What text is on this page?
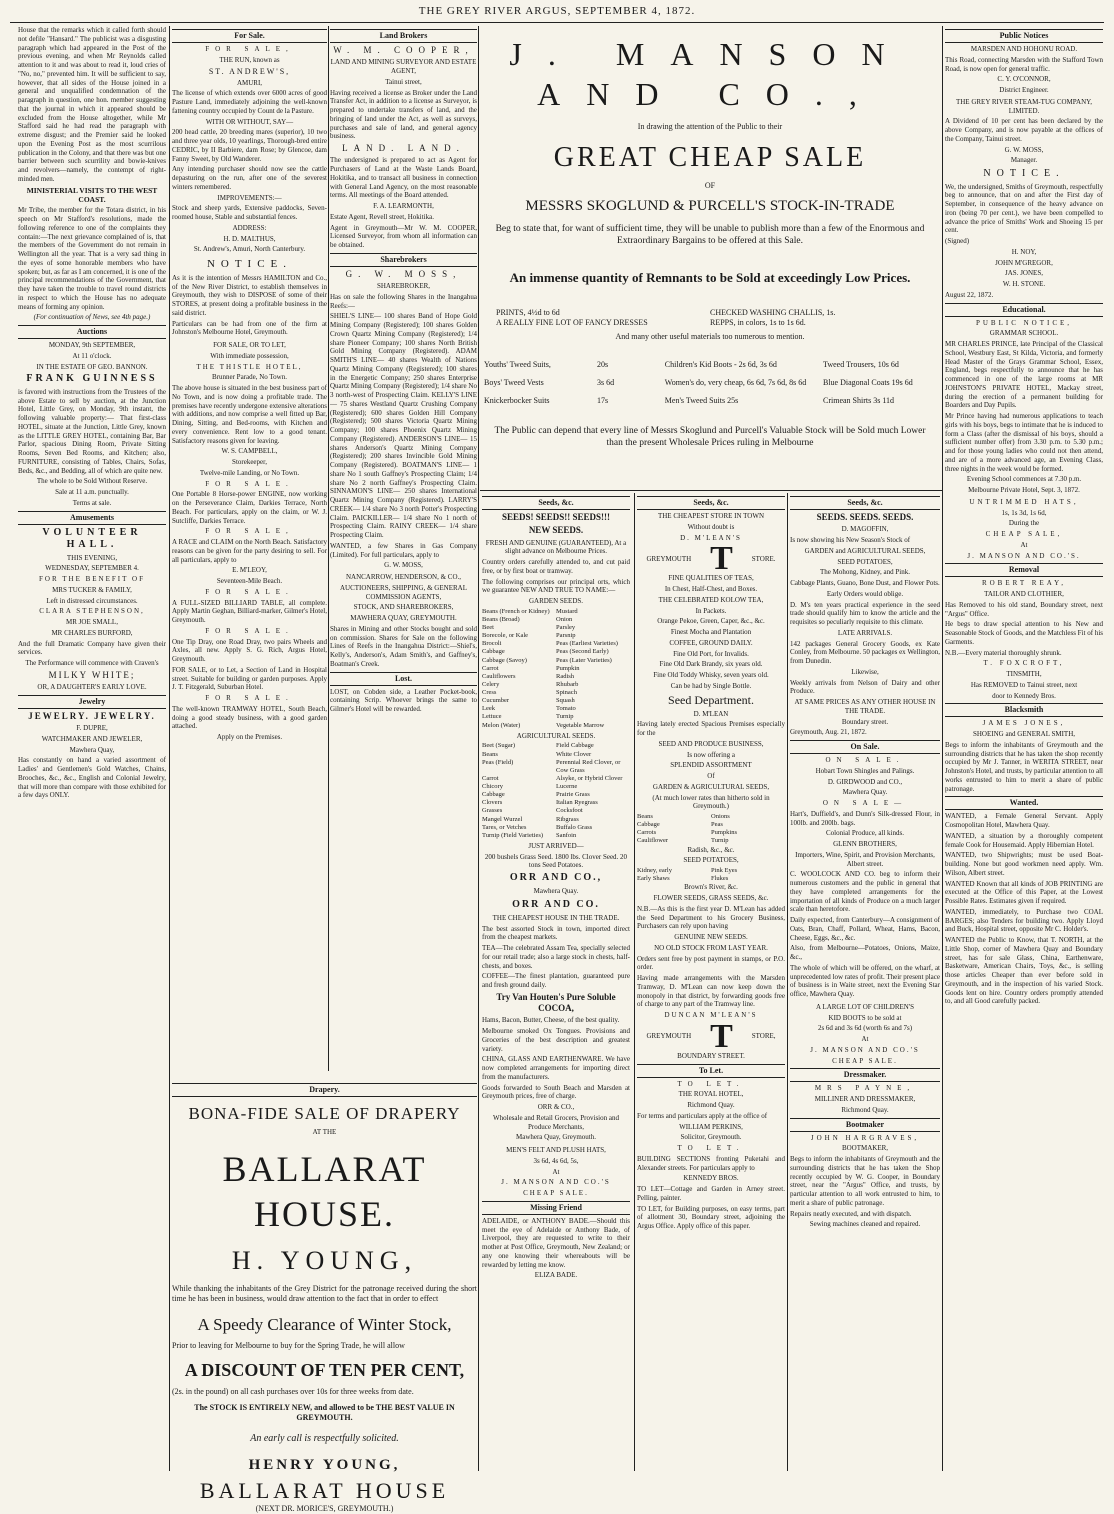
THE GREY RIVER ARGUS, SEPTEMBER 4, 1872.

House that the remarks which it called forth should not defile "Hansard." The publicist was a disgusting paragraph which had appeared in the Post of the previous evening, and when Mr Reynolds called attention to it and was about to read it, loud cries of "No, no," prevented him. It will be sufficient to say, however, that all sides of the House joined in a general and unqualified condemnation of the paragraph in question, one hon. member suggesting that the journal in which it appeared should be excluded from the House altogether, while Mr Stafford said he had read the paragraph with extreme disgust; and the Premier said he looked upon the Evening Post as the most scurrilous publication in the Colony, and that there was but one barrier between such scurrility and bowie-knives and revolvers—namely, the contempt of right-minded men.

MINISTERIAL VISITS TO THE WEST COAST.

Mr Tribe, the member for the Totara district, in his speech on Mr Stafford's resolutions, made the following reference to one of the complaints they contain:—The next grievance complained of is, that the members of the Government do not remain in Wellington all the year. That is a very sad thing in the eyes of some honorable members who have spoken; but, as far as I am concerned, it is one of the principal recommendations of the Government, that they have taken the trouble to travel round districts in respect to which the House has no adequate means of forming any opinion.

(For continuation of News, see 4th page.)

Auctions

MONDAY, 9th SEPTEMBER,

At 11 o'clock.

IN THE ESTATE OF GEO. BANNON.

FRANK GUINNESS

is favored with instructions from the Trustees of the above Estate to sell by auction, at the Junction Hotel, Little Grey, on Monday, 9th instant, the following valuable property:— That first-class HOTEL, situate at the Junction, Little Grey, known as the LITTLE GREY HOTEL, containing Bar, Bar Parlor, spacious Dining Room, Private Sitting Rooms, Seven Bed Rooms, and Kitchen; also, FURNITURE, consisting of Tables, Chairs, Sofas, Beds, &c., and Bedding, all of which are quite new.

The whole to be Sold Without Reserve.

Sale at 11 a.m. punctually.

Terms at sale.

Amusements

VOLUNTEER HALL.

THIS EVENING,

WEDNESDAY, SEPTEMBER 4.

FOR THE BENEFIT OF

MRS TUCKER & FAMILY,

Left in distressed circumstances.

CLARA STEPHENSON,

MR JOE SMALL,

MR CHARLES BURFORD,

And the full Dramatic Company have given their services.

The Performance will commence with Craven's

MILKY WHITE;

OR, A DAUGHTER'S EARLY LOVE.

Jewelry

JEWELRY. JEWELRY.

F. DUPRE,

WATCHMAKER AND JEWELER,

Mawhera Quay,

Has constantly on hand a varied assortment of Ladies' and Gentlemen's Gold Watches, Chains, Brooches, &c., &c., English and Colonial Jewelry, that will more than compare with those exhibited for a few days ONLY.

For Sale.

FOR SALE,

THE RUN, known as

ST. ANDREW'S,

AMURI,

The license of which extends over 6000 acres of good Pasture Land, immediately adjoining the well-known fattening country occupied by Count de la Pasture.

WITH OR WITHOUT, SAY—

200 head cattle, 20 breeding mares (superior), 10 two and three year olds, 10 yearlings, Thorough-bred entire CEDRIC, by II Barbiere, dam Rose; by Glencoe, dam Fanny Sweet, by Old Wanderer.

Any intending purchaser should now see the cattle depasturing on the run, after one of the severest winters remembered.

IMPROVEMENTS:—

Stock and sheep yards, Extensive paddocks, Seven-roomed house, Stable and substantial fences.

ADDRESS:

H. D. MALTHUS,

St. Andrew's, Amuri, North Canterbury.

NOTICE.

As it is the intention of Messrs HAMILTON and Co., of the New River District, to establish themselves in Greymouth, they wish to DISPOSE of some of their STORES, at present doing a profitable business in the said district.

Particulars can be had from one of the firm at Johnston's Melbourne Hotel, Greymouth.

FOR SALE, OR TO LET,

With immediate possession,

THE THISTLE HOTEL,

Brunner Parade, No Town.

The above house is situated in the best business part of No Town, and is now doing a profitable trade. The premises have recently undergone extensive alterations with additions, and now comprise a well fitted up Bar, Dining, Sitting, and Bed-rooms, with Kitchen and every convenience. Rent low to a good tenant. Satisfactory reasons given for leaving.

W. S. CAMPBELL,

Storekeeper,

Twelve-mile Landing, or No Town.

FOR SALE.

One Portable 8 Horse-power ENGINE, now working on the Perseverance Claim, Darkies Terrace, North Beach. For particulars, apply on the claim, or W. J. Sutcliffe, Darkies Terrace.

FOR SALE,

A RACE and CLAIM on the North Beach. Satisfactory reasons can be given for the party desiring to sell. For all particulars, apply to

E. M'LEOY,

Seventeen-Mile Beach.

FOR SALE.

A FULL-SIZED BILLIARD TABLE, all complete. Apply Martin Geghan, Billiard-marker, Gilmer's Hotel, Greymouth.

FOR SALE.

One Tip Dray, one Road Dray, two pairs Wheels and Axles, all new. Apply S. G. Rich, Argus Hotel, Greymouth.

FOR SALE, or to Let, a Section of Land in Hospital street. Suitable for building or garden purposes. Apply J. T. Fitzgerald, Suburban Hotel.

FOR SALE.

The well-known TRAMWAY HOTEL, South Beach, doing a good steady business, with a good garden attached.

Apply on the Premises.

Land Brokers

W. M. COOPER,

LAND AND MINING SURVEYOR AND ESTATE AGENT,

Tainui street,

Having received a license as Broker under the Land Transfer Act, in addition to a license as Surveyor, is prepared to undertake transfers of land, and the bringing of land under the Act, as well as surveys, purchases and sale of land, and general agency business.

LAND. LAND.

The undersigned is prepared to act as Agent for Purchasers of Land at the Waste Lands Board, Hokitika, and to transact all business in connection with General Land Agency, on the most reasonable terms. All meetings of the Board attended.

F. A. LEARMONTH,

Estate Agent, Revell street, Hokitika.

Agent in Greymouth—Mr W. M. COOPER, Licensed Surveyor, from whom all information can be obtained.

Sharebrokers

G. W. MOSS,

SHAREBROKER,

Has on sale the following Shares in the Inangahua Reefs:—

SHIEL'S LINE— 100 shares Band of Hope Gold Mining Company (Registered); 100 shares Golden Crown Quartz Mining Company (Registered); 1/4 share Pioneer Company; 100 shares North British Gold Mining Company (Registered). ADAM SMITH'S LINE— 40 shares Wealth of Nations Quartz Mining Company (Registered); 100 shares in the Energetic Company; 250 shares Enterprise Quartz Mining Company (Registered); 1/4 share No 3 north-west of Prospecting Claim. KELLY'S LINE— 75 shares Westland Quartz Crushing Company (Registered); 600 shares Golden Hill Company (Registered); 500 shares Victoria Quartz Mining Company; 100 shares Phoenix Quartz Mining Company (Registered). ANDERSON'S LINE— 15 shares Anderson's Quartz Mining Company (Registered); 200 shares Invincible Gold Mining Company (Registered). BOATMAN'S LINE— 1 share No 1 south Gaffney's Prospecting Claim; 1/4 share No 2 north Gaffney's Prospecting Claim. SINNAMON'S LINE— 250 shares International Quartz Mining Company (Registered). LARRY'S CREEK— 1/4 share No 3 north Potter's Prospecting Claim. PAICKILLER— 1/4 share No 1 north of Prospecting Claim. RAINY CREEK— 1/4 share Prospecting Claim.

WANTED, a few Shares in Gas Company (Limited). For full particulars, apply to

G. W. MOSS,

NANCARROW, HENDERSON, & CO.,

AUCTIONEERS, SHIPPING, & GENERAL COMMISSION AGENTS,

STOCK, AND SHAREBROKERS,

MAWHERA QUAY, GREYMOUTH.

Shares in Mining and other Stocks bought and sold on commission. Shares for Sale on the following Lines of Reefs in the Inangahua District:—Shiel's, Kelly's, Anderson's, Adam Smith's, and Gaffney's, Boatman's Creek.

Lost.

LOST, on Cobden side, a Leather Pocket-book, containing Scrip. Whoever brings the same to Gilmer's Hotel will be rewarded.

J. MANSON AND CO.,
In drawing the attention of the Public to their
GREAT CHEAP SALE
OF
MESSRS SKOGLUND & PURCELL'S STOCK-IN-TRADE
Beg to state that, for want of sufficient time, they will be unable to publish more than a few of the Enormous and Extraordinary Bargains to be offered at this Sale.
An immense quantity of Remnants to be Sold at exceedingly Low Prices.
PRINTS, 4½d to 6d	CHECKED WASHING CHALLIS, 1s.
A REALLY FINE LOT OF FANCY DRESSES	REPPS, in colors, 1s to 1s 6d.
And many other useful materials too numerous to mention.
Youths' Tweed Suits,	20s	Children's Kid Boots - 2s 6d, 3s 6d	Tweed Trousers, 10s 6d
Boys' Tweed Vests	3s 6d	Women's do, very cheap, 6s 6d, 7s 6d, 8s 6d	Blue Diagonal Coats 19s 6d
Knickerbocker Suits	17s	Men's Tweed Suits 25s	Crimean Shirts 3s 11d
The Public can depend that every line of Messrs Skoglund and Purcell's Valuable Stock will be Sold much Lower than the present Wholesale Prices ruling in Melbourne
Seeds, &c.

SEEDS! SEEDS!! SEEDS!!!

NEW SEEDS.

FRESH AND GENUINE (GUARANTEED), At a slight advance on Melbourne Prices.

Country orders carefully attended to, and cut paid free, or by first boat or tramway.

The following comprises our principal orts, which we guarantee NEW AND TRUE TO NAME:—

GARDEN SEEDS.

Beans (French or Kidney) Mustard
Beans (Broad)	Onion
Beet	Parsley
Borecole, or Kale	Parsnip
Brocoli	Peas (Earliest Varieties)
Cabbage	Peas (Second Early)
Cabbage (Savoy)	Peas (Later Varieties)
Carrot	Pumpkin
Cauliflowers	Radish
Celery	Rhubarb
Cress	Spinach
Cucumber	Squash
Leek	Tomato
Lettuce	Turnip
Melon (Water)	Vegetable Marrow

AGRICULTURAL SEEDS.

Beet (Sugar)	Field Cabbage
Beans	White Clover
Peas (Field)	Perennial Red Clover, or Cow Grass
Carrot	Alsyke, or Hybrid Clover
Chicory	Lucerne
Cabbage	Prairie Grass
Clovers	Italian Ryegrass
Grasses	Cocksfoot
Mangel Wurzel	Ribgrass
Tares, or Vetches	Buffalo Grass
Turnip (Field Varieties)	Sanfoin

JUST ARRIVED—

200 bushels Grass Seed. 1800 lbs. Clover Seed. 20 tons Seed Potatoes.

ORR AND CO.,

Mawhera Quay.

ORR AND CO.

THE CHEAPEST HOUSE IN THE TRADE.

The best assorted Stock in town, imported direct from the cheapest markets.

TEA—The celebrated Assam Tea, specially selected for our retail trade; also a large stock in chests, half-chests, and boxes.

COFFEE—The finest plantation, guaranteed pure and fresh ground daily.

Try Van Houten's Pure Soluble COCOA,

Hams, Bacon, Butter, Cheese, of the best quality.

Melbourne smoked Ox Tongues. Provisions and Groceries of the best description and greatest variety.

CHINA, GLASS AND EARTHENWARE. We have now completed arrangements for importing direct from the manufacturers.

Goods forwarded to South Beach and Marsden at Greymouth prices, free of charge.

ORR & CO.,

Wholesale and Retail Grocers, Provision and Produce Merchants,

Mawhera Quay, Greymouth.

MEN'S FELT AND PLUSH HATS,

3s 6d, 4s 6d, 5s,

At

J. MANSON AND CO.'S

CHEAP SALE.

Missing Friend

ADELAIDE, or ANTHONY BADE.—Should this meet the eye of Adelaide or Anthony Bade, of Liverpool, they are requested to write to their mother at Post Office, Greymouth, New Zealand; or any one knowing their whereabouts will be rewarded by letting me know.

ELIZA BADE.

Seeds, &c.

THE CHEAPEST STORE IN TOWN

Without doubt is

D. M'LEAN'S

GREYMOUTH T	STORE.

FINE QUALITIES OF TEAS,

In Chest, Half-Chest, and Boxes.

THE CELEBRATED KOLOW TEA,

In Packets.

Orange Pekoe, Green, Caper, &c., &c.

Finest Mocha and Plantation

COFFEE, GROUND DAILY.

Fine Old Port, for Invalids.

Fine Old Dark Brandy, six years old.

Fine Old Toddy Whisky, seven years old.

Can be had by Single Bottle.

Seed Department.

D. M'LEAN

Having lately erected Spacious Premises especially for the

SEED AND PRODUCE BUSINESS,

Is now offering a

SPLENDID ASSORTMENT

Of

GARDEN & AGRICULTURAL SEEDS,

(At much lower rates than hitherto sold in Greymouth.)

Beans	Onions
Cabbage	Peas
Carrots	Pumpkins
Cauliflower	Turnip

Radish, &c., &c.

SEED POTATOES,

Kidney, early	Pink Eyes
Early Shaws	Flukes

Brown's River, &c.

FLOWER SEEDS, GRASS SEEDS, &c.

N.B.—As this is the first year D. M'Lean has added the Seed Department to his Grocery Business, Purchasers can rely upon having

GENUINE NEW SEEDS.

NO OLD STOCK FROM LAST YEAR.

Orders sent free by post payment in stamps, or P.O. order.

Having made arrangements with the Marsden Tramway, D. M'Lean can now keep down the monopoly in that district, by forwarding goods free of charge to any part of the Tramway line.

DUNCAN M'LEAN'S

GREYMOUTH T	STORE,

BOUNDARY STREET.

To Let.

TO LET.

THE ROYAL HOTEL,

Richmond Quay.

For terms and particulars apply at the office of

WILLIAM PERKINS,

Solicitor, Greymouth.

TO LET.

BUILDING SECTIONS fronting Puketahi and Alexander streets. For particulars apply to

KENNEDY BROS.

TO LET—Cottage and Garden in Arney street. Pelling, painter.

TO LET, for Building purposes, on easy terms, part of allotment 30, Boundary street, adjoining the Argus Office. Apply office of this paper.

Seeds, &c.

SEEDS. SEEDS. SEEDS.

D. MAGOFFIN,

Is now showing his New Season's Stock of

GARDEN and AGRICULTURAL SEEDS,

SEED POTATOES,

The Mohong, Kidney, and Pink.

Cabbage Plants, Guano, Bone Dust, and Flower Pots.

Early Orders would oblige.

D. M's ten years practical experience in the seed trade should qualify him to know the article and the requisites so peculiarly requisite to this climate.

LATE ARRIVALS.

142 packages General Grocery Goods, ex Kate Conley, from Melbourne. 50 packages ex Wellington, from Dunedin.

Likewise,

Weekly arrivals from Nelson of Dairy and other Produce.

AT SAME PRICES AS ANY OTHER HOUSE IN THE TRADE.

Boundary street.

Greymouth, Aug. 21, 1872.

On Sale.

ON SALE.

Hobart Town Shingles and Palings.

D. GIRDWOOD and CO.,

Mawhera Quay.

ON SALE—

Hart's, Duffield's, and Dunn's Silk-dressed Flour, in 100lb. and 200lb. bags.

Colonial Produce, all kinds.

GLENN BROTHERS,

Importers, Wine, Spirit, and Provision Merchants, Albert street.

C. WOOLCOCK AND CO. beg to inform their numerous customers and the public in general that they have completed arrangements for the importation of all kinds of Produce on a much larger scale than heretofore.

Daily expected, from Canterbury—A consignment of Oats, Bran, Chaff, Pollard, Wheat, Hams, Bacon, Cheese, Eggs, &c., &c.

Also, from Melbourne—Potatoes, Onions, Maize, &c.,

The whole of which will be offered, on the wharf, at unprecedented low rates of profit. Their present place of business is in Waite street, next the Evening Star office, Mawhera Quay.

A LARGE LOT OF CHILDREN'S

KID BOOTS to be sold at

2s 6d and 3s 6d (worth 6s and 7s)

At

J. MANSON AND CO.'S

CHEAP SALE.

Dressmaker.

MRS PAYNE,

MILLINER AND DRESSMAKER,

Richmond Quay.

Bootmaker

JOHN HARGRAVES,

BOOTMAKER,

Begs to inform the inhabitants of Greymouth and the surrounding districts that he has taken the Shop recently occupied by W. G. Cooper, in Boundary street, near the "Argus" Office, and trusts, by particular attention to all work entrusted to him, to merit a share of public patronage.

Repairs neatly executed, and with dispatch.

Sewing machines cleaned and repaired.

Public Notices

MARSDEN AND HOHONU ROAD.

This Road, connecting Marsden with the Stafford Town Road, is now open for general traffic.

C. Y. O'CONNOR,

District Engineer.

THE GREY RIVER STEAM-TUG COMPANY, LIMITED.

A Dividend of 10 per cent has been declared by the above Company, and is now payable at the offices of the Company, Tainui street.

G. W. MOSS,

Manager.

NOTICE.

We, the undersigned, Smiths of Greymouth, respectfully beg to announce, that on and after the First day of September, in consequence of the heavy advance on iron (being 70 per cent.), we have been compelled to advance the price of Smiths' Work and Shoeing 15 per cent.

(Signed)

H. NOY,

JOHN M'GREGOR,

JAS. JONES,

W. H. STONE.

August 22, 1872.

Educational.

PUBLIC NOTICE,

GRAMMAR SCHOOL.

MR CHARLES PRINCE, late Principal of the Classical School, Westbury East, St Kilda, Victoria, and formerly Head Master of the Grays Grammar School, Essex, England, begs respectfully to announce that he has commenced in one of the large rooms at MR JOHNSTON'S PRIVATE HOTEL, Mackay street, during the erection of a permanent building for Boarders and Day Pupils.

Mr Prince having had numerous applications to teach girls with his boys, begs to intimate that he is induced to form a Class (after the dismissal of his boys, should a sufficient number offer) from 3.30 p.m. to 5.30 p.m.; and for those young ladies who could not then attend, and are of a more advanced age, an Evening Class, three nights in the week would be formed.

Evening School commences at 7.30 p.m.

Melbourne Private Hotel, Sept. 3, 1872.

UNTRIMMED HATS,

1s, 1s 3d, 1s 6d,

During the

CHEAP SALE,

At

J. MANSON AND CO.'S.

Removal

ROBERT REAY,

TAILOR AND CLOTHIER,

Has Removed to his old stand, Boundary street, next "Argus" Office.

He begs to draw special attention to his New and Seasonable Stock of Goods, and the Matchless Fit of his Garments.

N.B.—Every material thoroughly shrunk.

T. FOXCROFT,

TINSMITH,

Has REMOVED to Tainui street, next

door to Kennedy Bros.

Blacksmith

JAMES JONES,

SHOEING and GENERAL SMITH,

Begs to inform the inhabitants of Greymouth and the surrounding districts that he has taken the shop recently occupied by Mr J. Tanner, in WERITA STREET, near Johnston's Hotel, and trusts, by particular attention to all works entrusted to him to merit a share of public patronage.

Wanted.

WANTED, a Female General Servant. Apply Cosmopolitan Hotel, Mawhera Quay.

WANTED, a situation by a thoroughly competent female Cook for Housemaid. Apply Hibernian Hotel.

WANTED, two Shipwrights; must be used Boat-building. None but good workmen need apply. Wm. Wilson, Albert street.

WANTED Known that all kinds of JOB PRINTING are executed at the Office of this Paper, at the Lowest Possible Rates. Estimates given if required.

WANTED, immediately, to Purchase two COAL BARGES; also Tenders for building two. Apply Lloyd and Buck, Hospital street, opposite Mr C. Holder's.

WANTED the Public to Know, that T. NORTH, at the Little Shop, corner of Mawhera Quay and Boundary street, has for sale Glass, China, Earthenware, Basketware, American Chairs, Toys, &c., is selling those articles Cheaper than ever before sold in Greymouth, and in the inspection of his varied Stock. Goods lent on hire. Country orders promptly attended to, and all Good carefully packed.

Drapery.
BONA-FIDE SALE OF DRAPERY
AT THE
BALLARAT HOUSE.
H. YOUNG,

While thanking the inhabitants of the Grey District for the patronage received during the short time he has been in business, would draw attention to the fact that in order to effect

A Speedy Clearance of Winter Stock,

Prior to leaving for Melbourne to buy for the Spring Trade, he will allow

A DISCOUNT OF TEN PER CENT,

(2s. in the pound) on all cash purchases over 10s for three weeks from date.

The STOCK IS ENTIRELY NEW, and allowed to be THE BEST VALUE IN GREYMOUTH.

An early call is respectfully solicited.
HENRY YOUNG,
BALLARAT HOUSE
(NEXT DR. MORICE'S, GREYMOUTH.)
